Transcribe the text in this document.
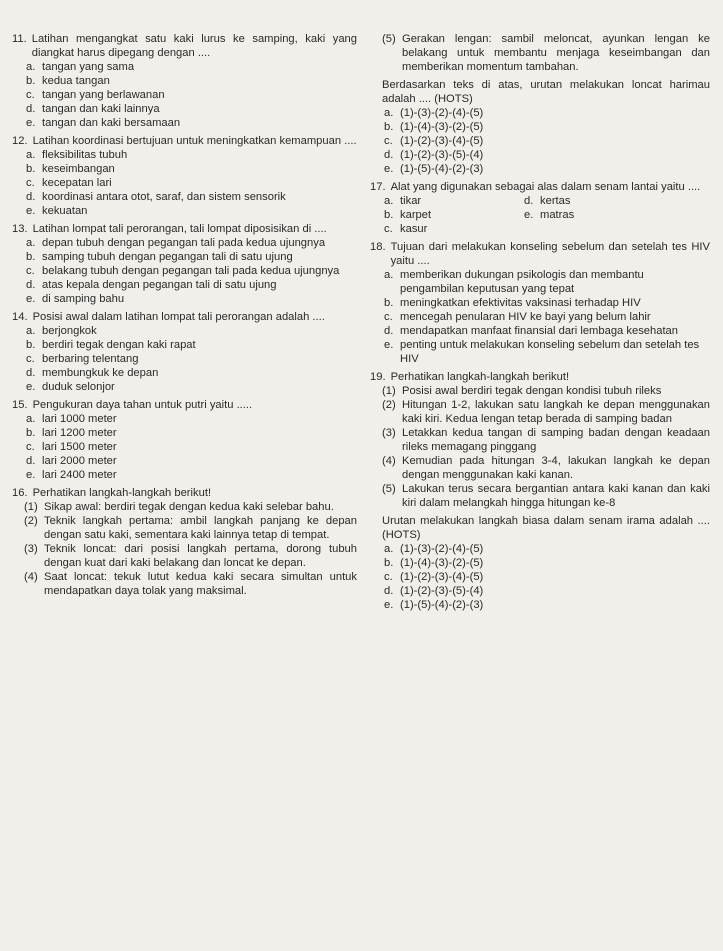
11. Latihan mengangkat satu kaki lurus ke samping, kaki yang diangkat harus dipegang dengan ....
a. tangan yang sama
b. kedua tangan
c. tangan yang berlawanan
d. tangan dan kaki lainnya
e. tangan dan kaki bersamaan
12. Latihan koordinasi bertujuan untuk meningkatkan kemampuan ....
a. fleksibilitas tubuh
b. keseimbangan
c. kecepatan lari
d. koordinasi antara otot, saraf, dan sistem sensorik
e. kekuatan
13. Latihan lompat tali perorangan, tali lompat diposisikan di ....
a. depan tubuh dengan pegangan tali pada kedua ujungnya
b. samping tubuh dengan pegangan tali di satu ujung
c. belakang tubuh dengan pegangan tali pada kedua ujungnya
d. atas kepala dengan pegangan tali di satu ujung
e. di samping bahu
14. Posisi awal dalam latihan lompat tali perorangan adalah ....
a. berjongkok
b. berdiri tegak dengan kaki rapat
c. berbaring telentang
d. membungkuk ke depan
e. duduk selonjor
15. Pengukuran daya tahan untuk putri yaitu .....
a. lari 1000 meter
b. lari 1200 meter
c. lari 1500 meter
d. lari 2000 meter
e. lari 2400 meter
16. Perhatikan langkah-langkah berikut!
(1) Sikap awal: berdiri tegak dengan kedua kaki selebar bahu.
(2) Teknik langkah pertama: ambil langkah panjang ke depan dengan satu kaki, sementara kaki lainnya tetap di tempat.
(3) Teknik loncat: dari posisi langkah pertama, dorong tubuh dengan kuat dari kaki belakang dan loncat ke depan.
(4) Saat loncat: tekuk lutut kedua kaki secara simultan untuk mendapatkan daya tolak yang maksimal.
(5) Gerakan lengan: sambil meloncat, ayunkan lengan ke belakang untuk membantu menjaga keseimbangan dan memberikan momentum tambahan.
Berdasarkan teks di atas, urutan melakukan loncat harimau adalah .... (HOTS)
a. (1)-(3)-(2)-(4)-(5)
b. (1)-(4)-(3)-(2)-(5)
c. (1)-(2)-(3)-(4)-(5)
d. (1)-(2)-(3)-(5)-(4)
e. (1)-(5)-(4)-(2)-(3)
17. Alat yang digunakan sebagai alas dalam senam lantai yaitu ....
a. tikar	d. kertas
b. karpet	e. matras
c. kasur
18. Tujuan dari melakukan konseling sebelum dan setelah tes HIV yaitu ....
a. memberikan dukungan psikologis dan membantu pengambilan keputusan yang tepat
b. meningkatkan efektivitas vaksinasi terhadap HIV
c. mencegah penularan HIV ke bayi yang belum lahir
d. mendapatkan manfaat finansial dari lembaga kesehatan
e. penting untuk melakukan konseling sebelum dan setelah tes HIV
19. Perhatikan langkah-langkah berikut!
(1) Posisi awal berdiri tegak dengan kondisi tubuh rileks
(2) Hitungan 1-2, lakukan satu langkah ke depan menggunakan kaki kiri. Kedua lengan tetap berada di samping badan
(3) Letakkan kedua tangan di samping badan dengan keadaan rileks memagang pinggang
(4) Kemudian pada hitungan 3-4, lakukan langkah ke depan dengan menggunakan kaki kanan.
(5) Lakukan terus secara bergantian antara kaki kanan dan kaki kiri dalam melangkah hingga hitungan ke-8
Urutan melakukan langkah biasa dalam senam irama adalah .... (HOTS)
a. (1)-(3)-(2)-(4)-(5)
b. (1)-(4)-(3)-(2)-(5)
c. (1)-(2)-(3)-(4)-(5)
d. (1)-(2)-(3)-(5)-(4)
e. (1)-(5)-(4)-(2)-(3)
